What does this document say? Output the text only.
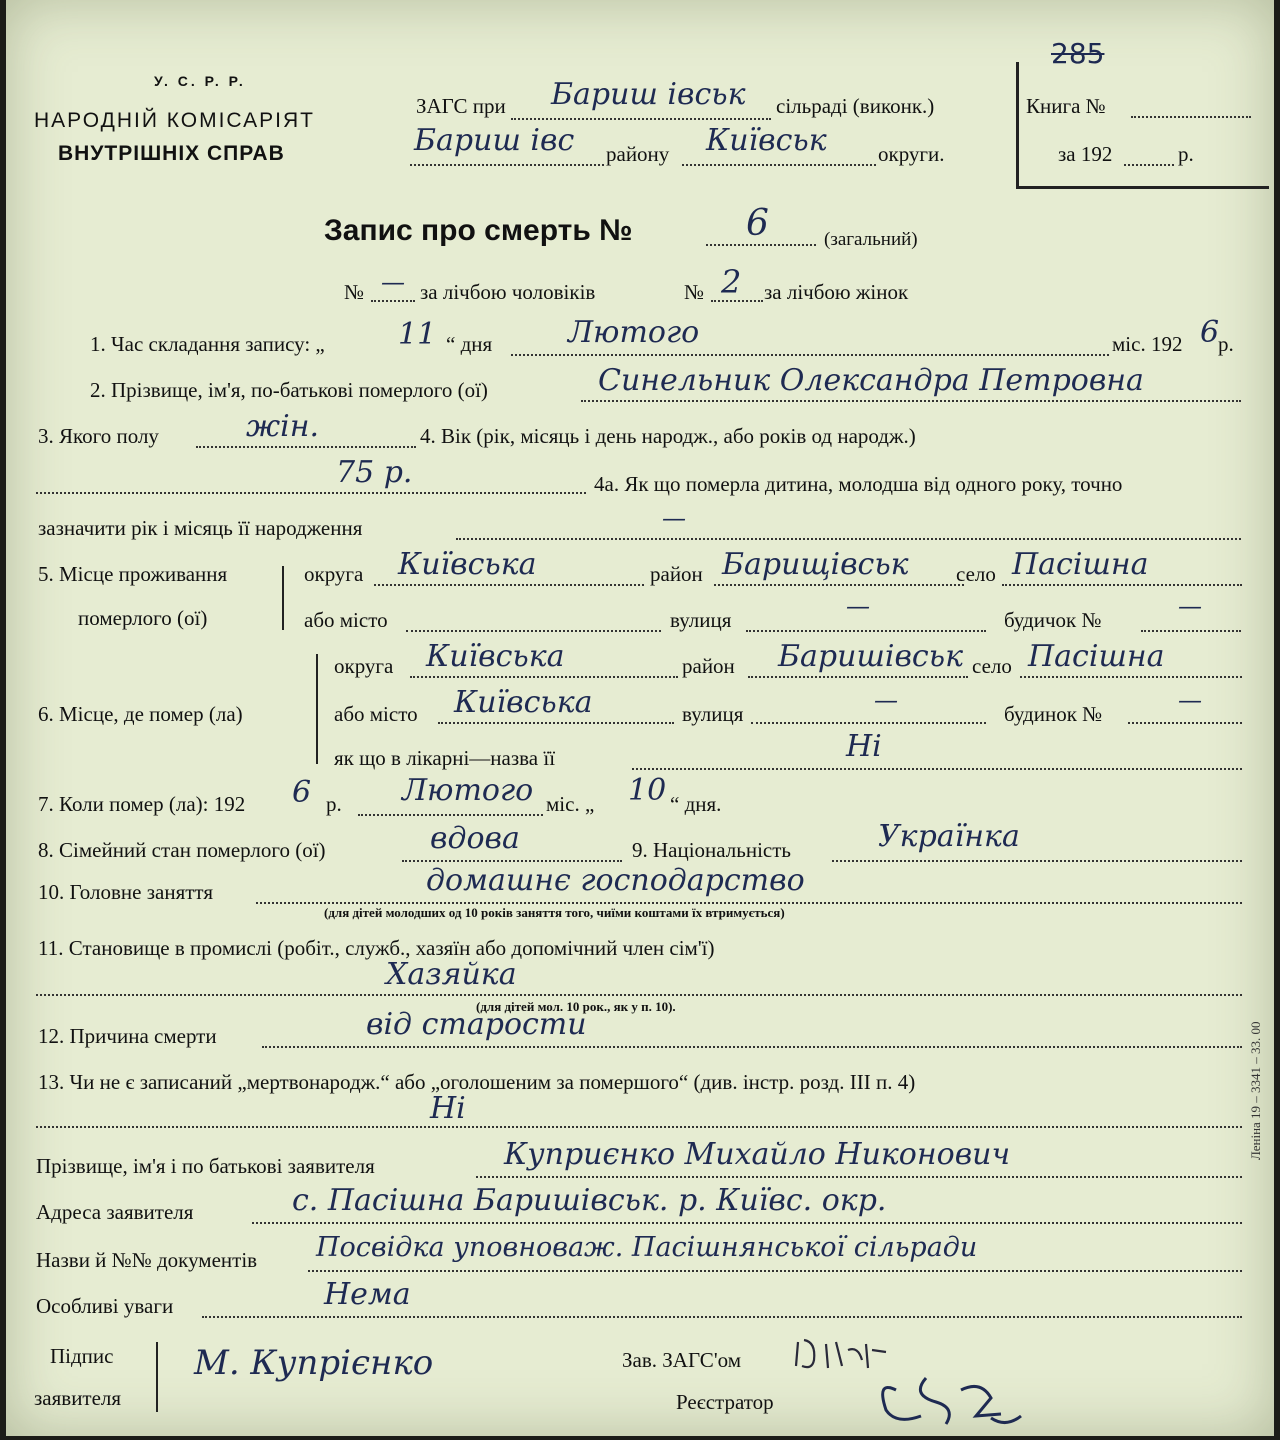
У. С. Р. Р.
НАРОДНІЙ КОМІСАРІЯТ
ВНУТРІШНІХ СПРАВ
ЗАГС при Бариш івськ сільраді (виконк.)
Бариш івс району Київськ округи.
285
Книга №
за 192	р.
Запис про смерть №	6	(загальний)
№ — за лічбою чоловіків	№ 2 за лічбою жінок
1. Час складання запису: „ 11 “ дня	Лютого	міс. 192 6
р.
2. Прізвище, ім'я, по-батькові померлого (ої)	Синельник Олександра Петровна
3. Якого полу	жін.	4. Вік (рік, місяць і день народж., або років од народж.)
75 р.	4а. Як що померла дитина, молодша від одного року, точно
зазначити рік і місяць її народження	—
5. Місце проживання
померлого (ої)
округа Київська	район Барищівськ село Пасішна
або місто	вулиця	—	будичок №	—
6. Місце, де помер (ла)
округа Київська	район Баришівськ село Пасішна
або місто Київська	вулиця	—	будинок №	—
як що в лікарні—назва її	Ні
7. Коли помер (ла): 192 6 р. Лютого міс. „ 10 “ дня.
8. Сімейний стан померлого (ої)	вдова	9. Національність	Українка
10. Головне заняття	домашнє господарство
(для дітей молодших од 10 років заняття того, чиїми коштами їх втримується)
11. Становище в промислі (робіт., служб., хазяїн або допомічний член сім'ї)
Хазяйка
(для дітей мол. 10 рок., як у п. 10).
12. Причина смерти	від старости
13. Чи не є записаний „мертвонародж.“ або „оголошеним за помершого“ (див. інстр. розд. III п. 4)
Ні
Прізвище, ім'я і по батькові заявителя	Куприєнко Михайло Никонович
Адреса заявителя	с. Пасішна Баришівськ. р. Київс. окр.
Назви й №№ документів Посвідка уповноваж. Пасішнянської сільради
Особливі уваги	Нема
Підпис
заявителя
М. Купрієнко	Зав. ЗАГС'ом
Реєстратор
Леніна 19 – 3341 – 33. 00
